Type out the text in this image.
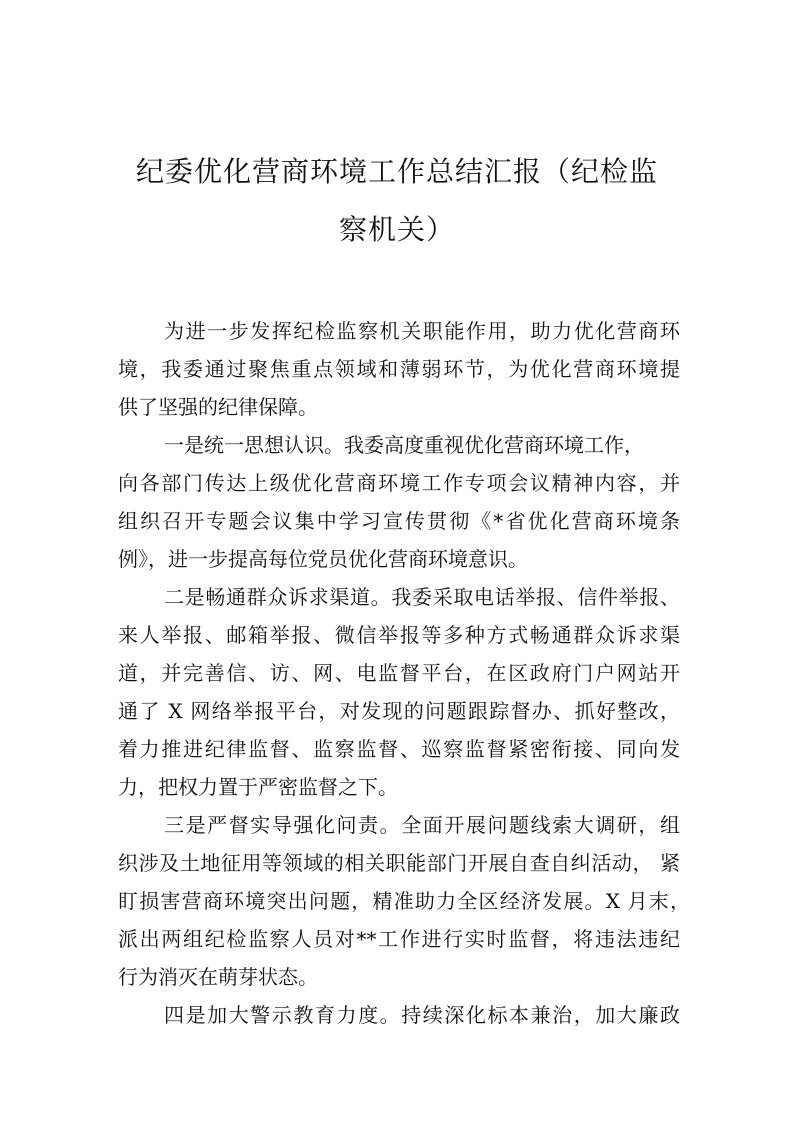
纪委优化营商环境工作总结汇报（纪检监
察机关）
为进一步发挥纪检监察机关职能作用，助力优化营商环
境，我委通过聚焦重点领域和薄弱环节，为优化营商环境提
供了坚强的纪律保障。
一是统一思想认识。我委高度重视优化营商环境工作，
向各部门传达上级优化营商环境工作专项会议精神内容，并
组织召开专题会议集中学习宣传贯彻《*省优化营商环境条
例》，进一步提高每位党员优化营商环境意识。
二是畅通群众诉求渠道。我委采取电话举报、信件举报、
来人举报、邮箱举报、微信举报等多种方式畅通群众诉求渠
道，并完善信、访、网、电监督平台，在区政府门户网站开
通了 X 网络举报平台，对发现的问题跟踪督办、抓好整改，
着力推进纪律监督、监察监督、巡察监督紧密衔接、同向发
力，把权力置于严密监督之下。
三是严督实导强化问责。全面开展问题线索大调研，组
织涉及土地征用等领域的相关职能部门开展自查自纠活动， 紧
盯损害营商环境突出问题，精准助力全区经济发展。X 月末，
派出两组纪检监察人员对**工作进行实时监督，将违法违纪
行为消灭在萌芽状态。
四是加大警示教育力度。持续深化标本兼治，加大廉政
